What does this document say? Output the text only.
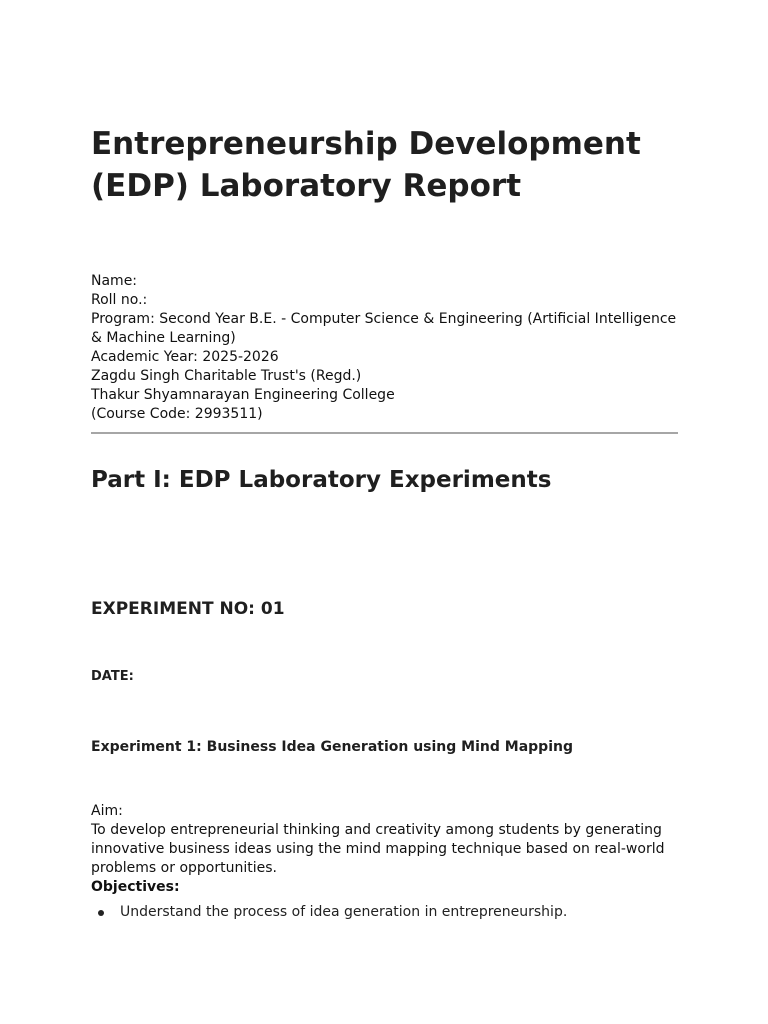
Entrepreneurship Development (EDP) Laboratory Report
Name:
Roll no.:
Program: Second Year B.E. - Computer Science & Engineering (Artificial Intelligence & Machine Learning)
Academic Year: 2025-2026
Zagdu Singh Charitable Trust's (Regd.)
Thakur Shyamnarayan Engineering College
(Course Code: 2993511)
Part I: EDP Laboratory Experiments
EXPERIMENT NO: 01
DATE:
Experiment 1: Business Idea Generation using Mind Mapping
Aim:
To develop entrepreneurial thinking and creativity among students by generating innovative business ideas using the mind mapping technique based on real-world problems or opportunities.
Objectives:
Understand the process of idea generation in entrepreneurship.
